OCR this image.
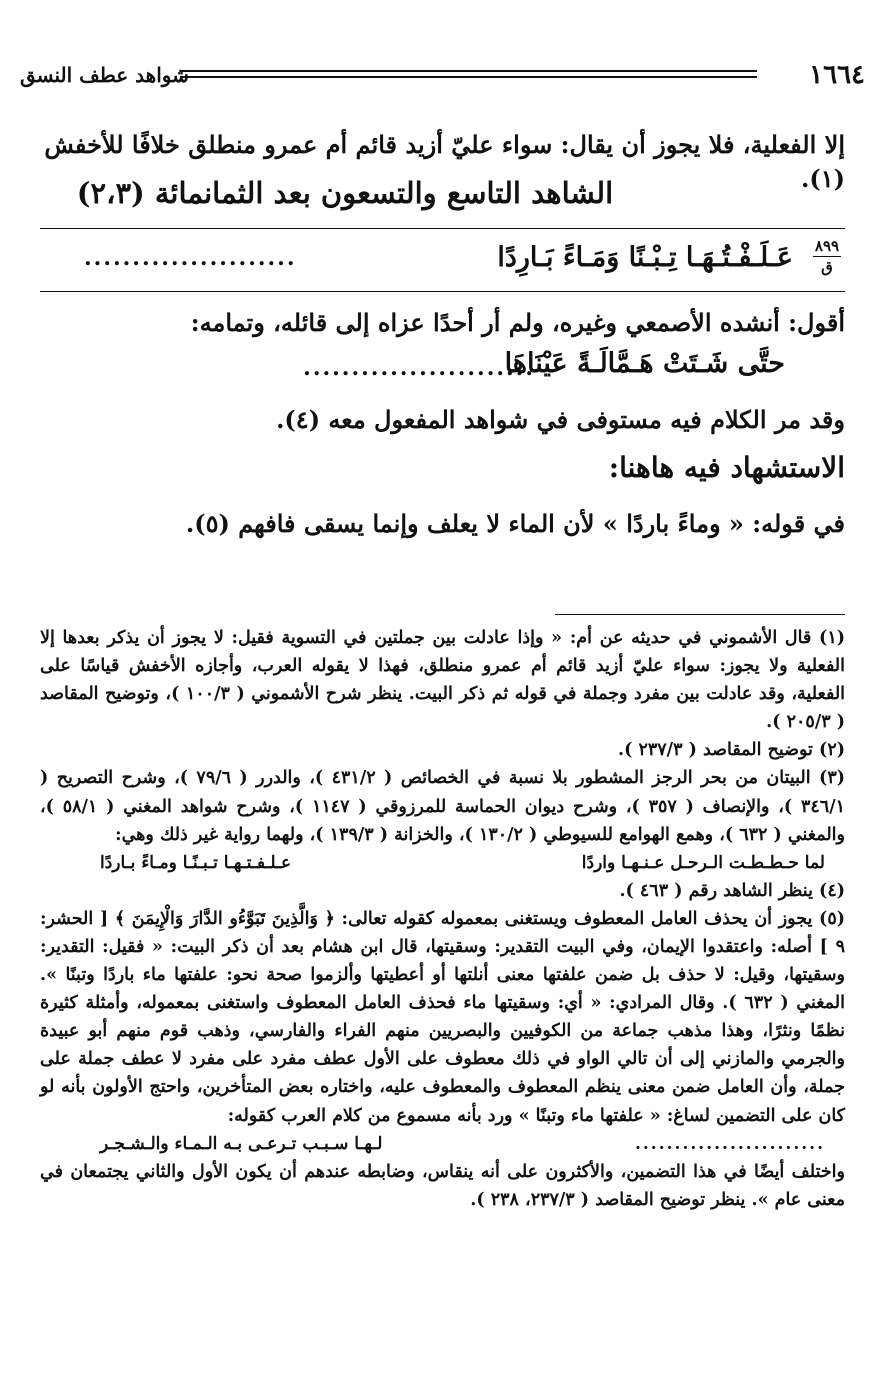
١٦٦٤
شواهد عطف النسق
إلا الفعلية، فلا يجوز أن يقال: سواء عليّ أزيد قائم أم عمرو منطلق خلافًا للأخفش (١).
الشاهد التاسع والتسعون بعد الثمانمائة (٢،٣)
٨٩٩
ق
عَـلَـفْـتُـهَـا تِـبْـنًا وَمَـاءً بَـارِدًا
......................
أقول: أنشده الأصمعي وغيره، ولم أر أحدًا عزاه إلى قائله، وتمامه:
حتَّى شَـتَتْ هَـمَّالَـةً عَيْنَاهَا
........................
وقد مر الكلام فيه مستوفى في شواهد المفعول معه (٤).
الاستشهاد فيه هاهنا:
في قوله: « وماءً باردًا » لأن الماء لا يعلف وإنما يسقى فافهم (٥).

(١) قال الأشموني في حديثه عن أم: « وإذا عادلت بين جملتين في التسوية فقيل: لا يجوز أن يذكر بعدها إلا الفعلية ولا يجوز: سواء عليّ أزيد قائم أم عمرو منطلق، فهذا لا يقوله العرب، وأجازه الأخفش قياسًا على الفعلية، وقد عادلت بين مفرد وجملة في قوله ثم ذكر البيت. ينظر شرح الأشموني ( ١٠٠/٣ )، وتوضيح المقاصد ( ٢٠٥/٣ ).

(٢) توضيح المقاصد ( ٢٣٧/٣ ).

(٣) البيتان من بحر الرجز المشطور بلا نسبة في الخصائص ( ٤٣١/٢ )، والدرر ( ٧٩/٦ )، وشرح التصريح ( ٣٤٦/١ )، والإنصاف ( ٣٥٧ )، وشرح ديوان الحماسة للمرزوقي ( ١١٤٧ )، وشرح شواهد المغني ( ٥٨/١ )، والمغني ( ٦٣٢ )، وهمع الهوامع للسيوطي ( ١٣٠/٢ )، والخزانة ( ١٣٩/٣ )، ولهما رواية غير ذلك وهي:

لما حـطـطـت الـرحـل عـنـهـا واردًا
عـلـفـتـهـا تـبـنًـا ومـاءً بـاردًا

(٤) ينظر الشاهد رقم ( ٤٦٣ ).

(٥) يجوز أن يحذف العامل المعطوف ويستغنى بمعموله كقوله تعالى: ﴿ وَالَّذِينَ تَبَوَّءُو الدَّارَ وَالْإِيمَنَ ﴾ [ الحشر: ٩ ] أصله: واعتقدوا الإيمان، وفي البيت التقدير: وسقيتها، قال ابن هشام بعد أن ذكر البيت: « فقيل: التقدير: وسقيتها، وقيل: لا حذف بل ضمن علفتها معنى أنلتها أو أعطيتها وألزموا صحة نحو: علفتها ماء باردًا وتبنًا ». المغني ( ٦٣٢ ). وقال المرادي: « أي: وسقيتها ماء فحذف العامل المعطوف واستغنى بمعموله، وأمثلة كثيرة نظمًا ونثرًا، وهذا مذهب جماعة من الكوفيين والبصريين منهم الفراء والفارسي، وذهب قوم منهم أبو عبيدة والجرمي والمازني إلى أن تالي الواو في ذلك معطوف على الأول عطف مفرد على مفرد لا عطف جملة على جملة، وأن العامل ضمن معنى ينظم المعطوف والمعطوف عليه، واختاره بعض المتأخرين، واحتج الأولون بأنه لو كان على التضمين لساغ: « علفتها ماء وتبنًا » ورد بأنه مسموع من كلام العرب كقوله:

........................
لـهـا سـبـب تـرعـى بـه الـمـاء والـشـجـر

واختلف أيضًا في هذا التضمين، والأكثرون على أنه ينقاس، وضابطه عندهم أن يكون الأول والثاني يجتمعان في معنى عام ». ينظر توضيح المقاصد ( ٢٣٧/٣، ٢٣٨ ).
